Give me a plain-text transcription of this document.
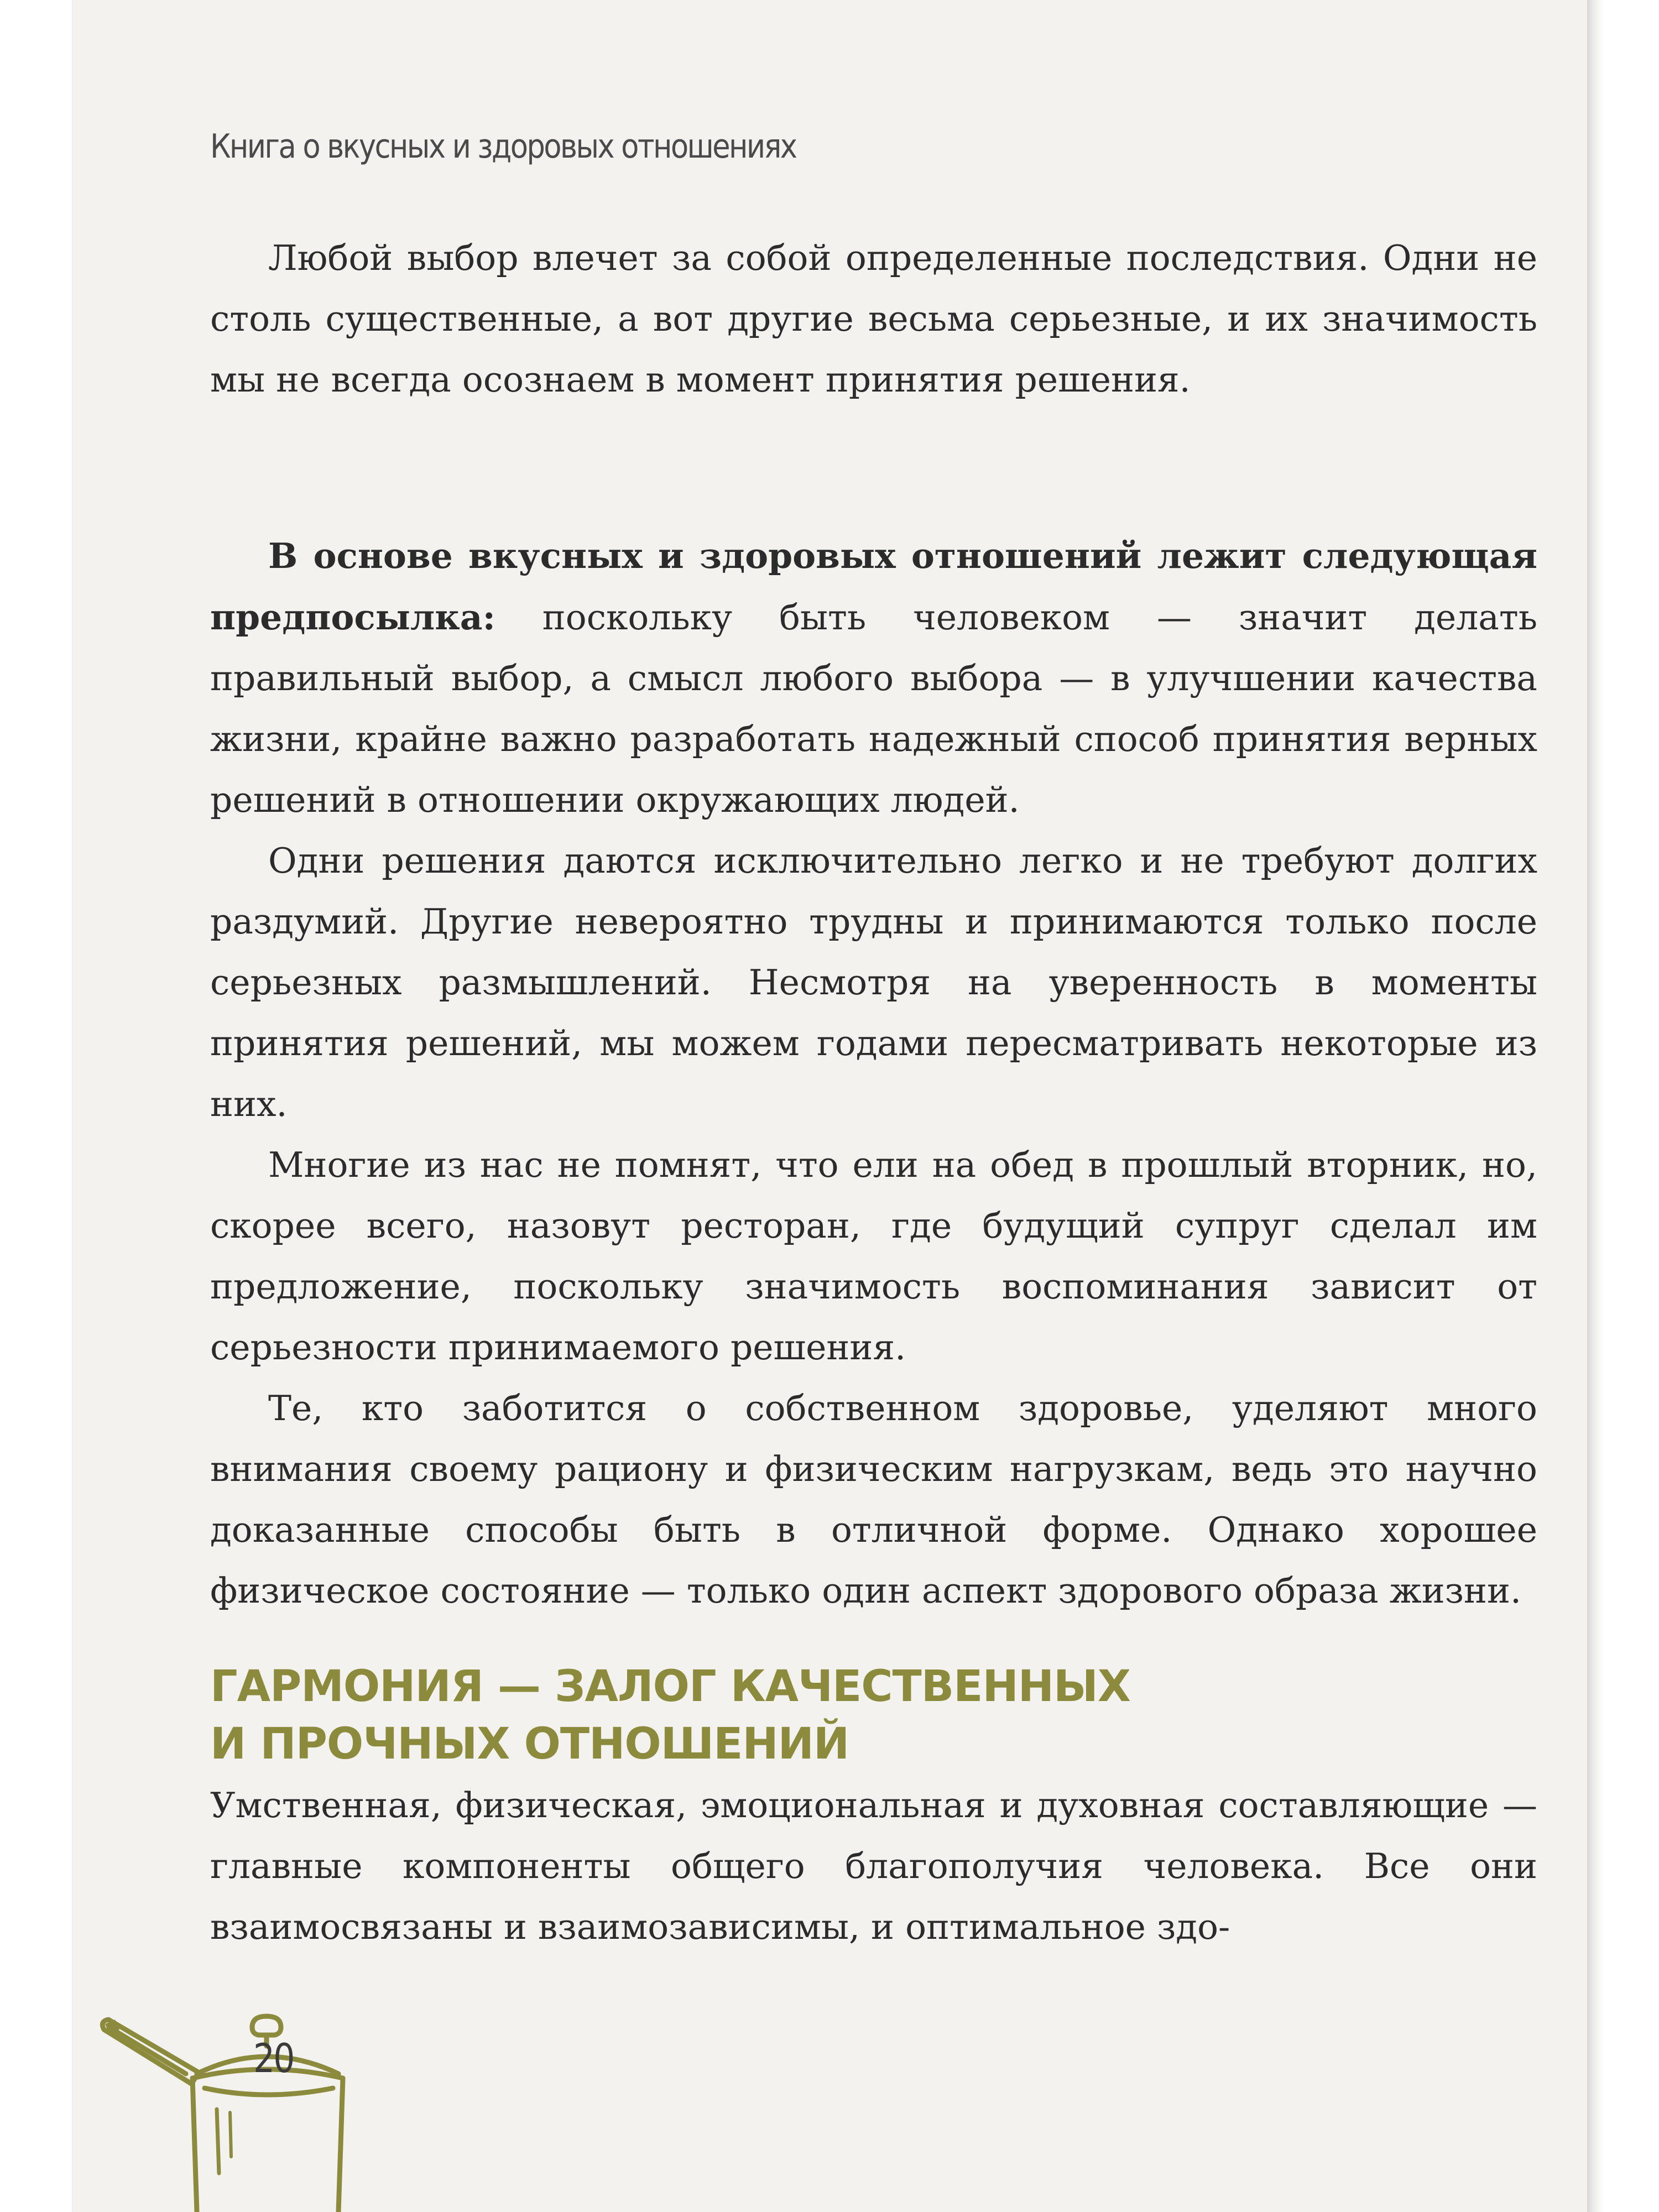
Книга о вкусных и здоровых отношениях

Любой выбор влечет за собой определенные последствия. Одни не столь существенные, а вот другие весьма серьезные, и их значимость мы не всегда осознаем в момент принятия решения.

В основе вкусных и здоровых отношений лежит следующая предпосылка: поскольку быть человеком — значит делать правильный выбор, а смысл любого выбора — в улучшении качества жизни, крайне важно разработать надежный способ принятия верных решений в отношении окружающих людей.

Одни решения даются исключительно легко и не требуют долгих раздумий. Другие невероятно трудны и принимаются только после серьезных размышлений. Несмотря на уверенность в моменты принятия решений, мы можем годами пересматривать некоторые из них.

Многие из нас не помнят, что ели на обед в прошлый вторник, но, скорее всего, назовут ресторан, где будущий супруг сделал им предложение, поскольку значимость воспоминания зависит от серьезности принимаемого решения.

Те, кто заботится о собственном здоровье, уделяют много внимания своему рациону и физическим нагрузкам, ведь это научно доказанные способы быть в отличной форме. Однако хорошее физическое состояние — только один аспект здорового образа жизни.

ГАРМОНИЯ — ЗАЛОГ КАЧЕСТВЕННЫХ
И ПРОЧНЫХ ОТНОШЕНИЙ

Умственная, физическая, эмоциональная и духовная составляющие — главные компоненты общего благополучия человека. Все они взаимосвязаны и взаимозависимы, и оптимальное здо-

20
